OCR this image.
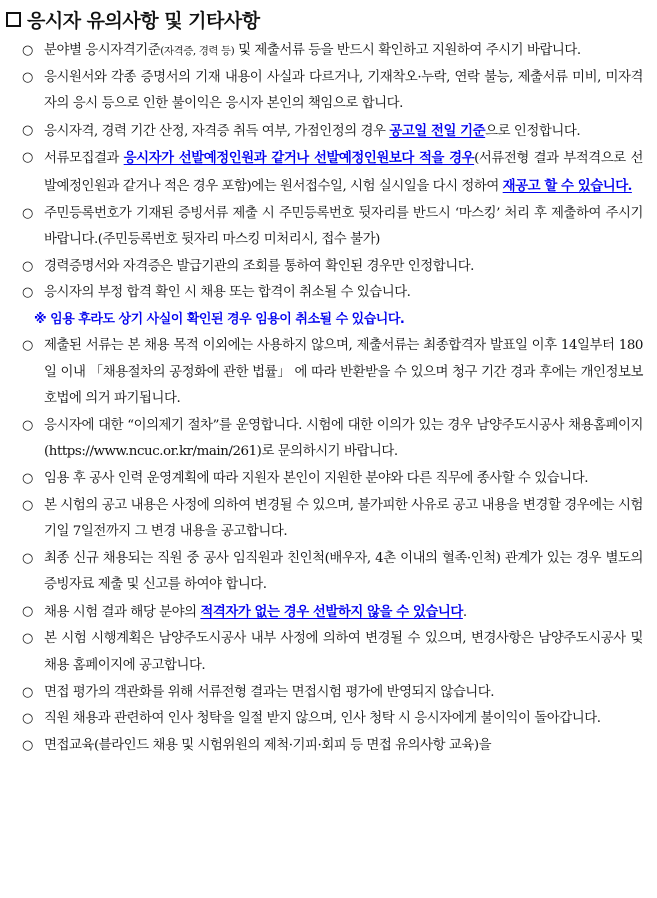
응시자 유의사항 및 기타사항
○ 분야별 응시자격기준(자격증, 경력 등) 및 제출서류 등을 반드시 확인하고 지원하여 주시기 바랍니다.
○ 응시원서와 각종 증명서의 기재 내용이 사실과 다르거나, 기재착오·누락, 연락 불능, 제출서류 미비, 미자격자의 응시 등으로 인한 불이익은 응시자 본인의 책임으로 합니다.
○ 응시자격, 경력 기간 산정, 자격증 취득 여부, 가점인정의 경우 공고일 전일 기준으로 인정합니다.
○ 서류모집결과 응시자가 선발예정인원과 같거나 선발예정인원보다 적을 경우(서류전형 결과 부적격으로 선발예정인원과 같거나 적은 경우 포함)에는 원서접수일, 시험 실시일을 다시 정하여 재공고 할 수 있습니다.
○ 주민등록번호가 기재된 증빙서류 제출 시 주민등록번호 뒷자리를 반드시 ‘마스킹’ 처리 후 제출하여 주시기 바랍니다.(주민등록번호 뒷자리 마스킹 미처리시, 접수 불가)
○ 경력증명서와 자격증은 발급기관의 조회를 통하여 확인된 경우만 인정합니다.
○ 응시자의 부정 합격 확인 시 채용 또는 합격이 취소될 수 있습니다.
※ 임용 후라도 상기 사실이 확인된 경우 임용이 취소될 수 있습니다.
○ 제출된 서류는 본 채용 목적 이외에는 사용하지 않으며, 제출서류는 최종합격자 발표일 이후 14일부터 180일 이내 「채용절차의 공정화에 관한 법률」 에 따라 반환받을 수 있으며 청구 기간 경과 후에는 개인정보보호법에 의거 파기됩니다.
○ 응시자에 대한 “이의제기 절차”를 운영합니다. 시험에 대한 이의가 있는 경우 남양주도시공사 채용홈페이지(https://www.ncuc.or.kr/main/261)로 문의하시기 바랍니다.
○ 임용 후 공사 인력 운영계획에 따라 지원자 본인이 지원한 분야와 다른 직무에 종사할 수 있습니다.
○ 본 시험의 공고 내용은 사정에 의하여 변경될 수 있으며, 불가피한 사유로 공고 내용을 변경할 경우에는 시험기일 7일전까지 그 변경 내용을 공고합니다.
○ 최종 신규 채용되는 직원 중 공사 임직원과 친인척(배우자, 4촌 이내의 혈족·인척) 관계가 있는 경우 별도의 증빙자료 제출 및 신고를 하여야 합니다.
○ 채용 시험 결과 해당 분야의 적격자가 없는 경우 선발하지 않을 수 있습니다.
○ 본 시험 시행계획은 남양주도시공사 내부 사정에 의하여 변경될 수 있으며, 변경사항은 남양주도시공사 및 채용 홈페이지에 공고합니다.
○ 면접 평가의 객관화를 위해 서류전형 결과는 면접시험 평가에 반영되지 않습니다.
○ 직원 채용과 관련하여 인사 청탁을 일절 받지 않으며, 인사 청탁 시 응시자에게 불이익이 돌아갑니다.
○ 면접교육(블라인드 채용 및 시험위원의 제척·기피·회피 등 면접 유의사항 교육)을
